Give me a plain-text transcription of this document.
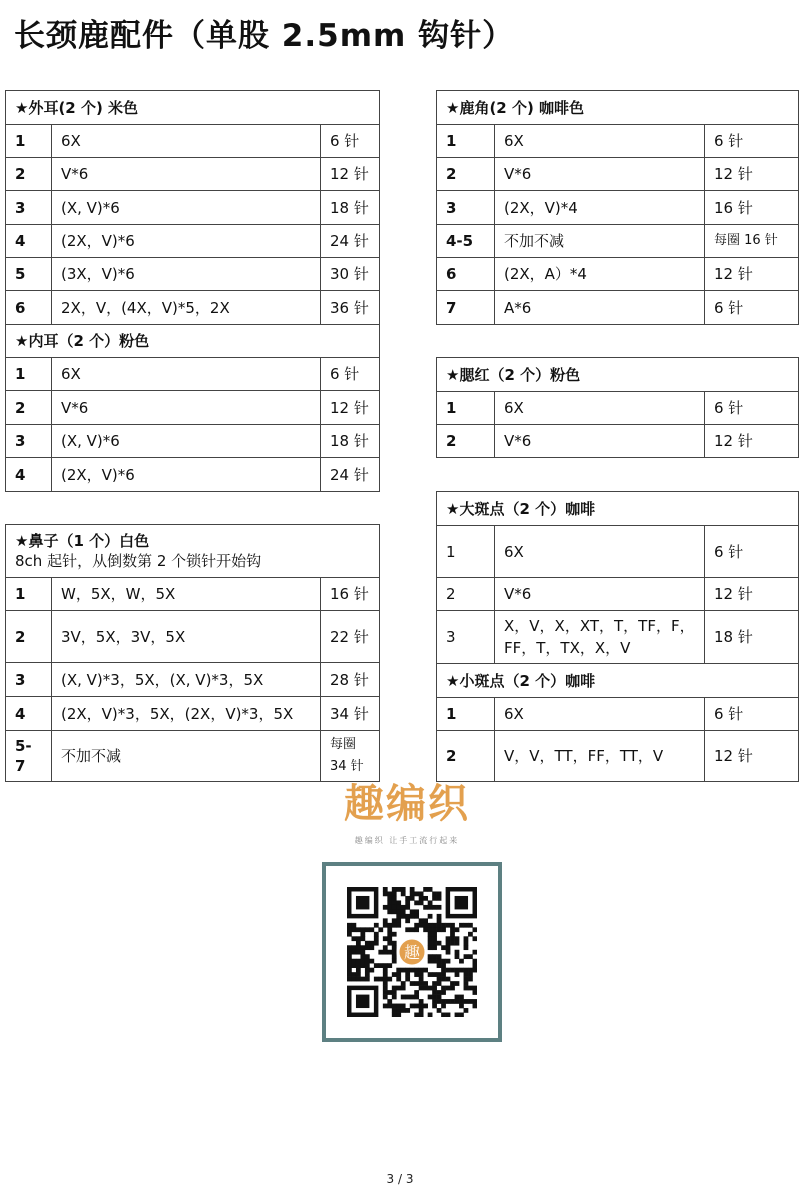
长颈鹿配件（单股 2.5mm 钩针）
★外耳(2 个) 米色		
1	6X	6 针
2	V*6	12 针
3	(X, V)*6	18 针
4	(2X，V)*6	24 针
5	(3X，V)*6	30 针
6	2X，V，(4X，V)*5，2X	36 针
★内耳（2 个）粉色		
1	6X	6 针
2	V*6	12 针
3	(X, V)*6	18 针
4	(2X，V)*6	24 针
★鼻子（1 个）白色
8ch 起针，从倒数第 2 个锁针开始钩		

1	W，5X，W，5X	16 针
2	3V，5X，3V，5X	22 针
3	(X, V)*3，5X，(X, V)*3，5X	28 针
4	(2X，V)*3，5X，(2X，V)*3，5X	34 针
5-7	不加不减	每圈 34 针
★鹿角(2 个) 咖啡色		
1	6X	6 针
2	V*6	12 针
3	(2X，V)*4	16 针
4-5	不加不减	每圈 16 针
6	(2X，A）*4	12 针
7	A*6	6 针
★腮红（2 个）粉色		
1	6X	6 针
2	V*6	12 针
★大斑点（2 个）咖啡		
1	6X	6 针
2	V*6	12 针
3	X，V，X，XT，T，TF，F，FF，T，TX，X，V	18 针
★小斑点（2 个）咖啡		
1	6X	6 针
2	V，V，TT，FF，TT，V	12 针
趣编织
趣编织 让手工流行起来
趣
3 / 3
